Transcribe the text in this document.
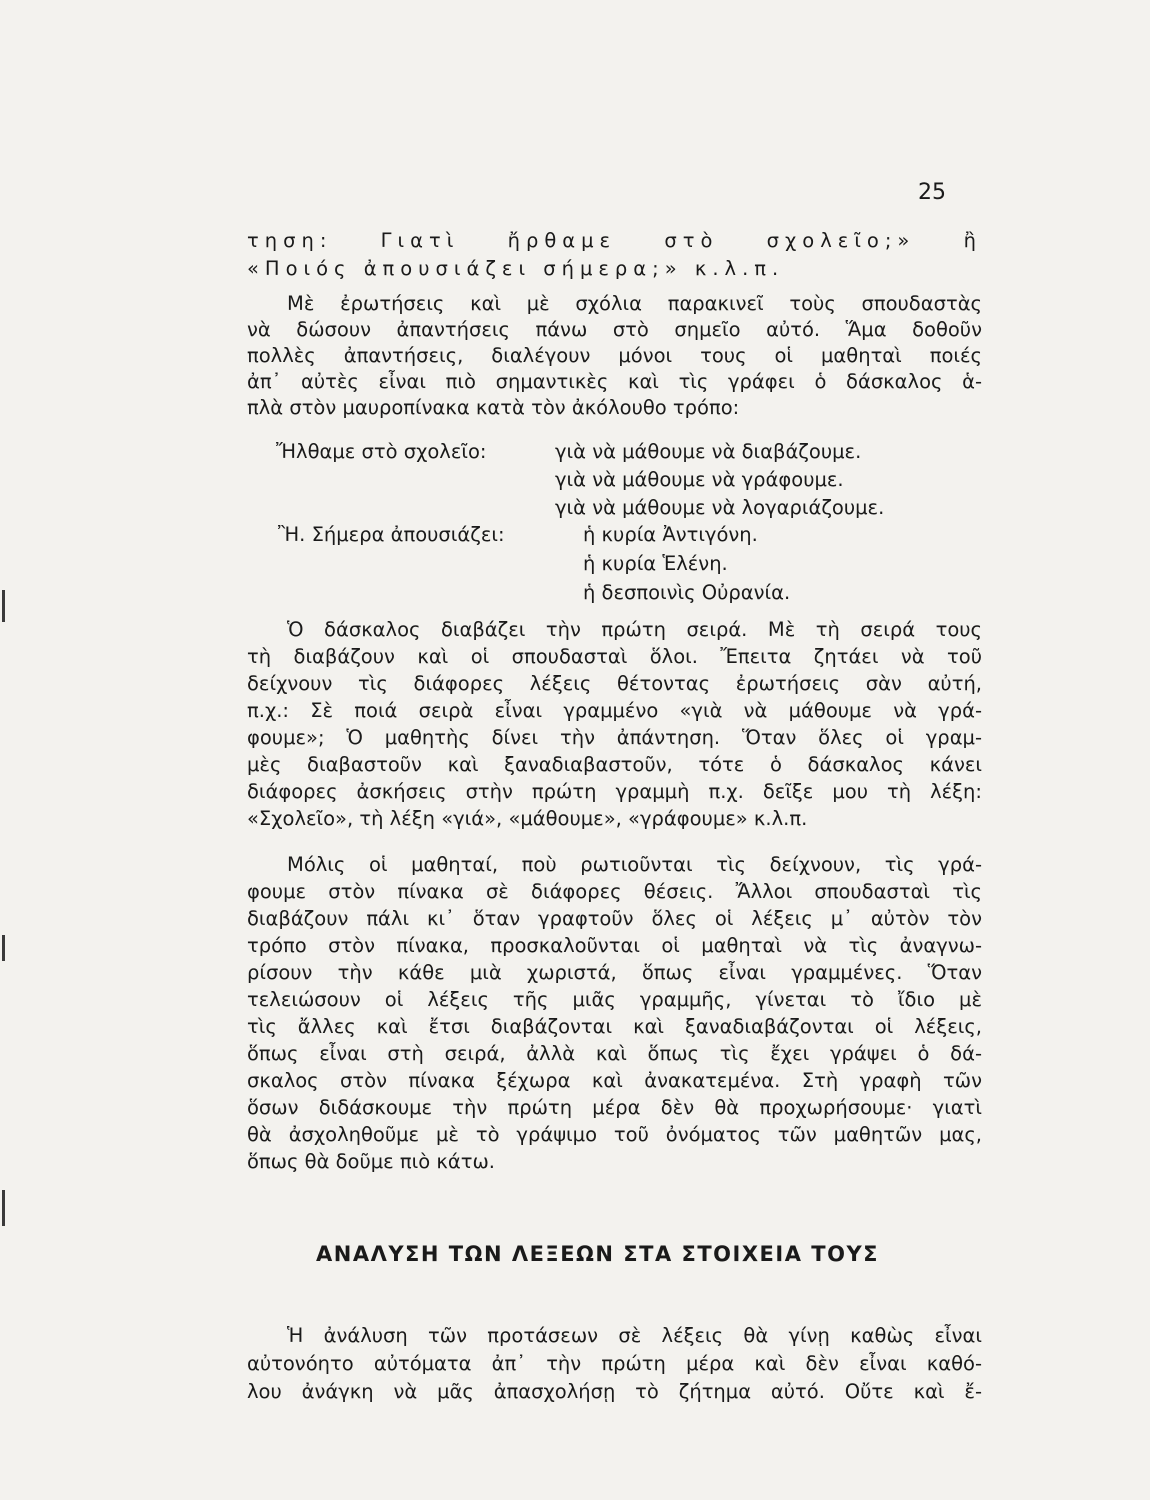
25
τηση: Γιατὶ ἤρθαμε στὸ σχολεῖο;» ἢ
«Ποιός ἀπουσιάζει σήμερα;» κ.λ.π.
Μὲ ἐρωτήσεις καὶ μὲ σχόλια παρακινεῖ τοὺς σπουδαστὰς
νὰ δώσουν ἀπαντήσεις πάνω στὸ σημεῖο αὐτό. Ἅμα δοθοῦν
πολλὲς ἀπαντήσεις, διαλέγουν μόνοι τους οἱ μαθηταὶ ποιές
ἀπ᾽ αὐτὲς εἶναι πιὸ σημαντικὲς καὶ τὶς γράφει ὁ δάσκαλος ἁ-
πλὰ στὸν μαυροπίνακα κατὰ τὸν ἀκόλουθο τρόπο:
Ἤλθαμε στὸ σχολεῖο:	γιὰ νὰ μάθουμε νὰ διαβάζουμε.
γιὰ νὰ μάθουμε νὰ γράφουμε.
γιὰ νὰ μάθουμε νὰ λογαριάζουμε.
Ἢ. Σήμερα ἀπουσιάζει:	ἡ κυρία Ἀντιγόνη.
ἡ κυρία Ἑλένη.
ἡ δεσποινὶς Οὐρανία.
Ὁ δάσκαλος διαβάζει τὴν πρώτη σειρά. Μὲ τὴ σειρά τους
τὴ διαβάζουν καὶ οἱ σπουδασταὶ ὅλοι. Ἔπειτα ζητάει νὰ τοῦ
δείχνουν τὶς διάφορες λέξεις θέτοντας ἐρωτήσεις σὰν αὐτή,
π.χ.: Σὲ ποιά σειρὰ εἶναι γραμμένο «γιὰ νὰ μάθουμε νὰ γρά-
φουμε»; Ὁ μαθητὴς δίνει τὴν ἀπάντηση. Ὅταν ὅλες οἱ γραμ-
μὲς διαβαστοῦν καὶ ξαναδιαβαστοῦν, τότε ὁ δάσκαλος κάνει
διάφορες ἀσκήσεις στὴν πρώτη γραμμὴ π.χ. δεῖξε μου τὴ λέξη:
«Σχολεῖο», τὴ λέξη «γιά», «μάθουμε», «γράφουμε» κ.λ.π.
Μόλις οἱ μαθηταί, ποὺ ρωτιοῦνται τὶς δείχνουν, τὶς γρά-
φουμε στὸν πίνακα σὲ διάφορες θέσεις. Ἄλλοι σπουδασταὶ τὶς
διαβάζουν πάλι κι᾽ ὅταν γραφτοῦν ὅλες οἱ λέξεις μ᾽ αὐτὸν τὸν
τρόπο στὸν πίνακα, προσκαλοῦνται οἱ μαθηταὶ νὰ τὶς ἀναγνω-
ρίσουν τὴν κάθε μιὰ χωριστά, ὅπως εἶναι γραμμένες. Ὅταν
τελειώσουν οἱ λέξεις τῆς μιᾶς γραμμῆς, γίνεται τὸ ἴδιο μὲ
τὶς ἄλλες καὶ ἔτσι διαβάζονται καὶ ξαναδιαβάζονται οἱ λέξεις,
ὅπως εἶναι στὴ σειρά, ἀλλὰ καὶ ὅπως τὶς ἔχει γράψει ὁ δά-
σκαλος στὸν πίνακα ξέχωρα καὶ ἀνακατεμένα. Στὴ γραφὴ τῶν
ὅσων διδάσκουμε τὴν πρώτη μέρα δὲν θὰ προχωρήσουμε· γιατὶ
θὰ ἀσχοληθοῦμε μὲ τὸ γράψιμο τοῦ ὀνόματος τῶν μαθητῶν μας,
ὅπως θὰ δοῦμε πιὸ κάτω.
ΑΝΑΛΥΣΗ ΤΩΝ ΛΕΞΕΩΝ ΣΤΑ ΣΤΟΙΧΕΙΑ ΤΟΥΣ
Ἡ ἀνάλυση τῶν προτάσεων σὲ λέξεις θὰ γίνῃ καθὼς εἶναι
αὐτονόητο αὐτόματα ἀπ᾽ τὴν πρώτη μέρα καὶ δὲν εἶναι καθό-
λου ἀνάγκη νὰ μᾶς ἀπασχολήσῃ τὸ ζήτημα αὐτό. Οὔτε καὶ ἔ-
